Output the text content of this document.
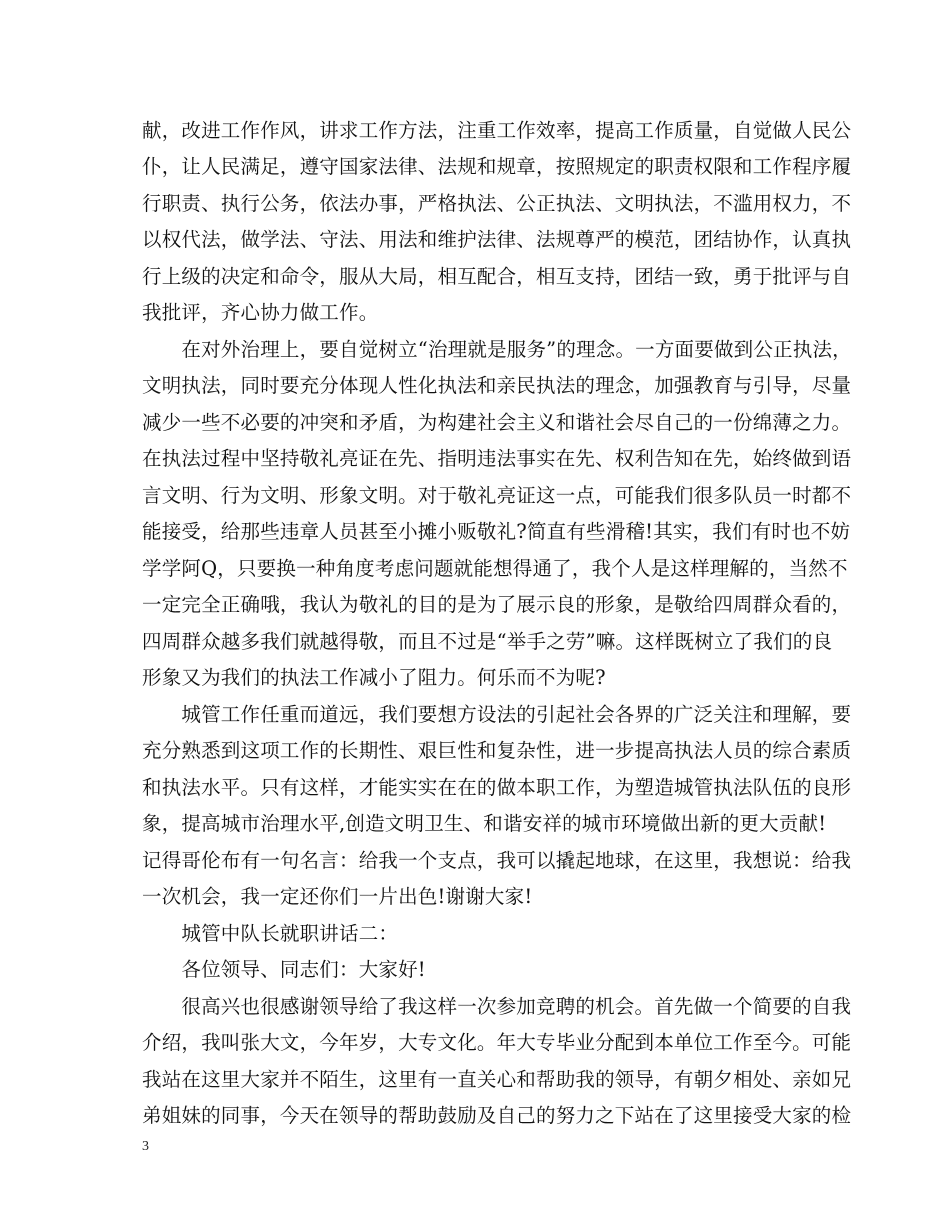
献，改进工作作风，讲求工作方法，注重工作效率，提高工作质量，自觉做人民公
仆，让人民满足，遵守国家法律、法规和规章，按照规定的职责权限和工作程序履
行职责、执行公务，依法办事，严格执法、公正执法、文明执法，不滥用权力，不
以权代法，做学法、守法、用法和维护法律、法规尊严的模范，团结协作，认真执
行上级的决定和命令，服从大局，相互配合，相互支持，团结一致，勇于批评与自
我批评，齐心协力做工作。
　　在对外治理上，要自觉树立“治理就是服务”的理念。一方面要做到公正执法，
文明执法，同时要充分体现人性化执法和亲民执法的理念，加强教育与引导，尽量
减少一些不必要的冲突和矛盾，为构建社会主义和谐社会尽自己的一份绵薄之力。
在执法过程中坚持敬礼亮证在先、指明违法事实在先、权利告知在先，始终做到语
言文明、行为文明、形象文明。对于敬礼亮证这一点，可能我们很多队员一时都不
能接受，给那些违章人员甚至小摊小贩敬礼?简直有些滑稽!其实，我们有时也不妨
学学阿Q，只要换一种角度考虑问题就能想得通了，我个人是这样理解的，当然不
一定完全正确哦，我认为敬礼的目的是为了展示良的形象，是敬给四周群众看的，
四周群众越多我们就越得敬，而且不过是“举手之劳”嘛。这样既树立了我们的良
形象又为我们的执法工作减小了阻力。何乐而不为呢?
　　城管工作任重而道远，我们要想方设法的引起社会各界的广泛关注和理解，要
充分熟悉到这项工作的长期性、艰巨性和复杂性，进一步提高执法人员的综合素质
和执法水平。只有这样，才能实实在在的做本职工作，为塑造城管执法队伍的良形
象，提高城市治理水平,创造文明卫生、和谐安祥的城市环境做出新的更大贡献!
记得哥伦布有一句名言：给我一个支点，我可以撬起地球，在这里，我想说：给我
一次机会，我一定还你们一片出色!谢谢大家!
　　城管中队长就职讲话二：
　　各位领导、同志们：大家好!
　　很高兴也很感谢领导给了我这样一次参加竞聘的机会。首先做一个简要的自我
介绍，我叫张大文，今年岁，大专文化。年大专毕业分配到本单位工作至今。可能
我站在这里大家并不陌生，这里有一直关心和帮助我的领导，有朝夕相处、亲如兄
弟姐妹的同事，今天在领导的帮助鼓励及自己的努力之下站在了这里接受大家的检
3
